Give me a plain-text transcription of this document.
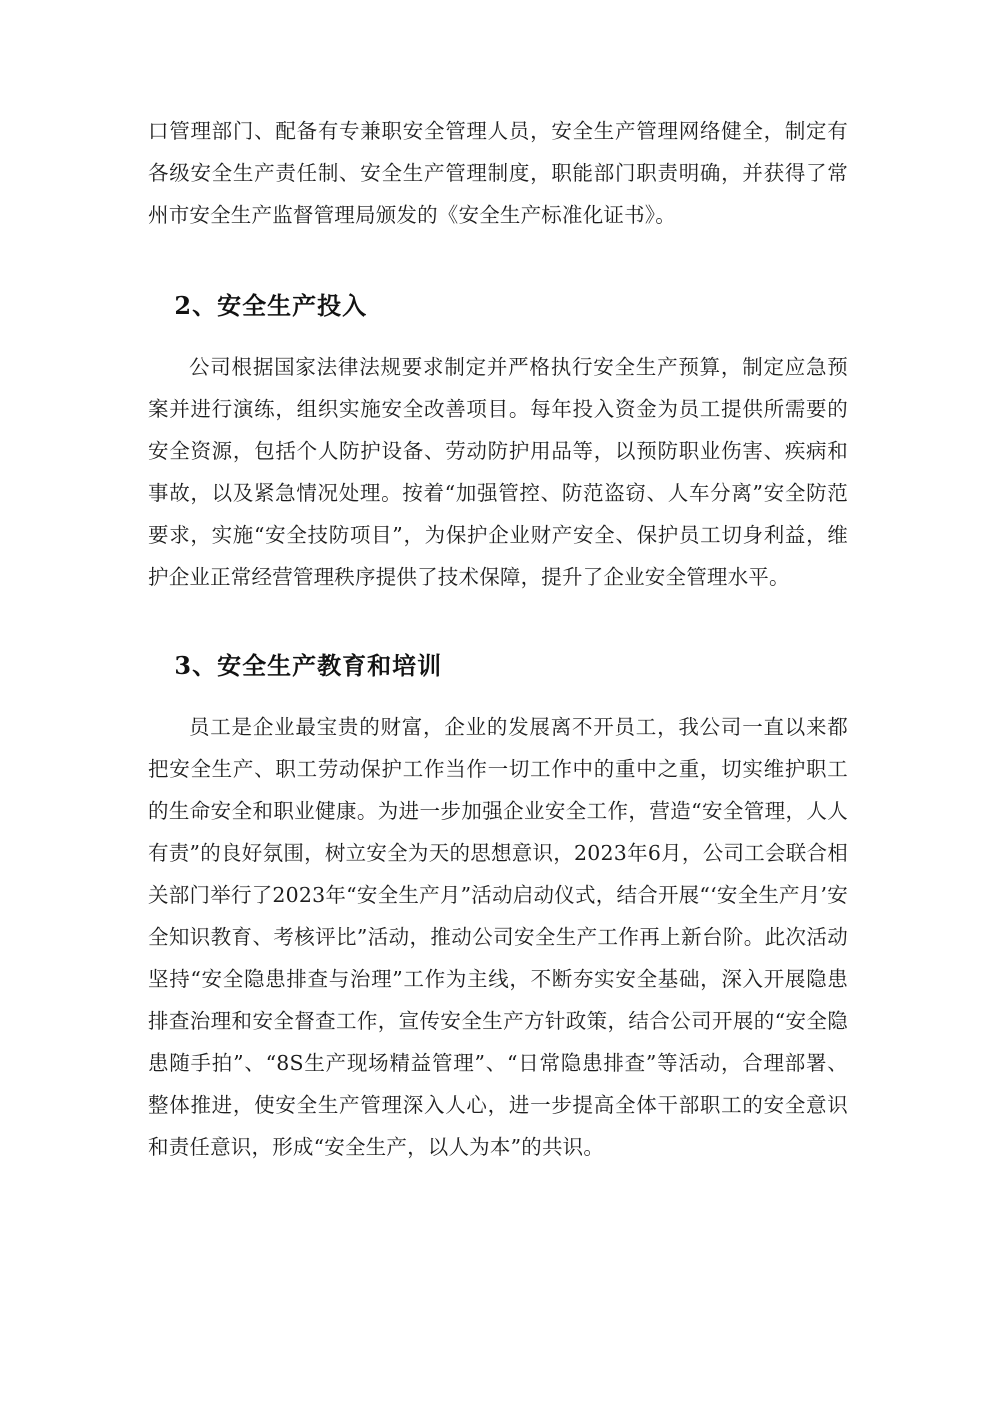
口管理部门、配备有专兼职安全管理人员，安全生产管理网络健全，制定有各级安全生产责任制、安全生产管理制度，职能部门职责明确，并获得了常州市安全生产监督管理局颁发的《安全生产标准化证书》。

2、安全生产投入

公司根据国家法律法规要求制定并严格执行安全生产预算，制定应急预案并进行演练，组织实施安全改善项目。每年投入资金为员工提供所需要的安全资源，包括个人防护设备、劳动防护用品等，以预防职业伤害、疾病和事故，以及紧急情况处理。按着“加强管控、防范盗窃、人车分离”安全防范要求，实施“安全技防项目”，为保护企业财产安全、保护员工切身利益，维护企业正常经营管理秩序提供了技术保障，提升了企业安全管理水平。

3、安全生产教育和培训

员工是企业最宝贵的财富，企业的发展离不开员工，我公司一直以来都把安全生产、职工劳动保护工作当作一切工作中的重中之重，切实维护职工的生命安全和职业健康。为进一步加强企业安全工作，营造“安全管理，人人有责”的良好氛围，树立安全为天的思想意识，2023年6月，公司工会联合相关部门举行了2023年“安全生产月”活动启动仪式，结合开展“‘安全生产月’安全知识教育、考核评比”活动，推动公司安全生产工作再上新台阶。此次活动坚持“安全隐患排查与治理”工作为主线，不断夯实安全基础，深入开展隐患排查治理和安全督查工作，宣传安全生产方针政策，结合公司开展的“安全隐患随手拍”、“8S生产现场精益管理”、“日常隐患排查”等活动，合理部署、整体推进，使安全生产管理深入人心，进一步提高全体干部职工的安全意识和责任意识，形成“安全生产，以人为本”的共识。
